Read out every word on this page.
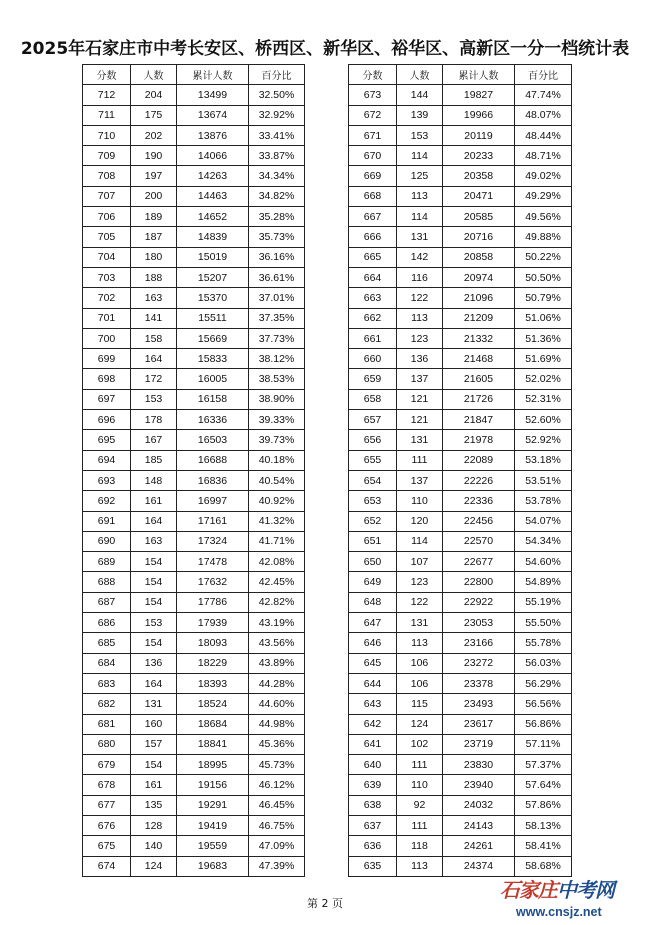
2025年石家庄市中考长安区、桥西区、新华区、裕华区、高新区一分一档统计表
分数	人数	累计人数	百分比
712	204	13499	32.50%
711	175	13674	32.92%
710	202	13876	33.41%
709	190	14066	33.87%
708	197	14263	34.34%
707	200	14463	34.82%
706	189	14652	35.28%
705	187	14839	35.73%
704	180	15019	36.16%
703	188	15207	36.61%
702	163	15370	37.01%
701	141	15511	37.35%
700	158	15669	37.73%
699	164	15833	38.12%
698	172	16005	38.53%
697	153	16158	38.90%
696	178	16336	39.33%
695	167	16503	39.73%
694	185	16688	40.18%
693	148	16836	40.54%
692	161	16997	40.92%
691	164	17161	41.32%
690	163	17324	41.71%
689	154	17478	42.08%
688	154	17632	42.45%
687	154	17786	42.82%
686	153	17939	43.19%
685	154	18093	43.56%
684	136	18229	43.89%
683	164	18393	44.28%
682	131	18524	44.60%
681	160	18684	44.98%
680	157	18841	45.36%
679	154	18995	45.73%
678	161	19156	46.12%
677	135	19291	46.45%
676	128	19419	46.75%
675	140	19559	47.09%
674	124	19683	47.39%
分数	人数	累计人数	百分比
673	144	19827	47.74%
672	139	19966	48.07%
671	153	20119	48.44%
670	114	20233	48.71%
669	125	20358	49.02%
668	113	20471	49.29%
667	114	20585	49.56%
666	131	20716	49.88%
665	142	20858	50.22%
664	116	20974	50.50%
663	122	21096	50.79%
662	113	21209	51.06%
661	123	21332	51.36%
660	136	21468	51.69%
659	137	21605	52.02%
658	121	21726	52.31%
657	121	21847	52.60%
656	131	21978	52.92%
655	111	22089	53.18%
654	137	22226	53.51%
653	110	22336	53.78%
652	120	22456	54.07%
651	114	22570	54.34%
650	107	22677	54.60%
649	123	22800	54.89%
648	122	22922	55.19%
647	131	23053	55.50%
646	113	23166	55.78%
645	106	23272	56.03%
644	106	23378	56.29%
643	115	23493	56.56%
642	124	23617	56.86%
641	102	23719	57.11%
640	111	23830	57.37%
639	110	23940	57.64%
638	92	24032	57.86%
637	111	24143	58.13%
636	118	24261	58.41%
635	113	24374	58.68%
第 2 页
石家庄中考网
www.cnsjz.net
